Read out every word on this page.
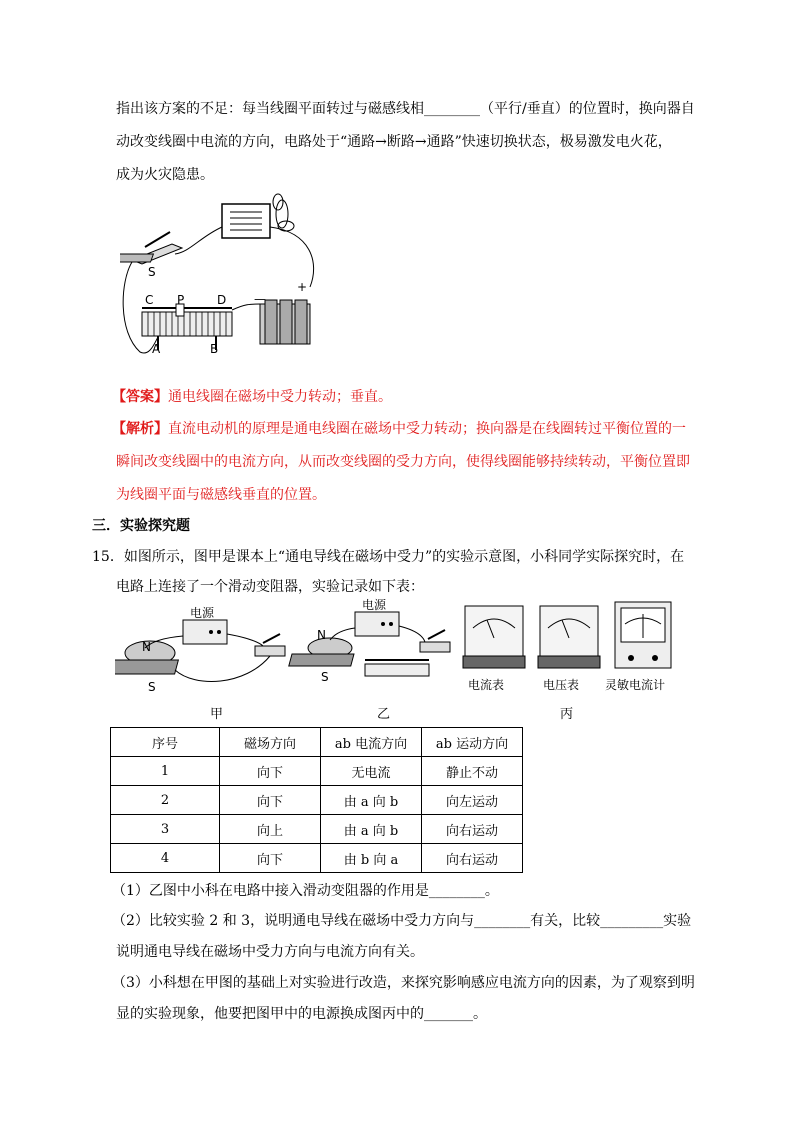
指出该方案的不足：每当线圈平面转过与磁感线相________（平行/垂直）的位置时，换向器自
动改变线圈中电流的方向，电路处于“通路→断路→通路”快速切换状态，极易激发电火花，
成为火灾隐患。
S
C P	D
A	B
—
+
【答案】通电线圈在磁场中受力转动；垂直。
【解析】直流电动机的原理是通电线圈在磁场中受力转动；换向器是在线圈转过平衡位置的一
瞬间改变线圈中的电流方向，从而改变线圈的受力方向，使得线圈能够持续转动，平衡位置即
为线圈平面与磁感线垂直的位置。
三．实验探究题
15．如图所示，图甲是课本上“通电导线在磁场中受力”的实验示意图，小科同学实际探究时，在
电路上连接了一个滑动变阻器，实验记录如下表：
电源
电源
N
S
N
S
电流表	电压表 灵敏电流计
甲	乙	丙
序号	磁场方向	ab 电流方向	ab 运动方向
1	向下	无电流	静止不动
2	向下	由 a 向 b	向左运动
3	向上	由 a 向 b	向右运动
4	向下	由 b 向 a	向右运动
（1）乙图中小科在电路中接入滑动变阻器的作用是________。
（2）比较实验 2 和 3，说明通电导线在磁场中受力方向与________有关，比较_________实验
说明通电导线在磁场中受力方向与电流方向有关。
（3）小科想在甲图的基础上对实验进行改造，来探究影响感应电流方向的因素，为了观察到明
显的实验现象，他要把图甲中的电源换成图丙中的_______。
